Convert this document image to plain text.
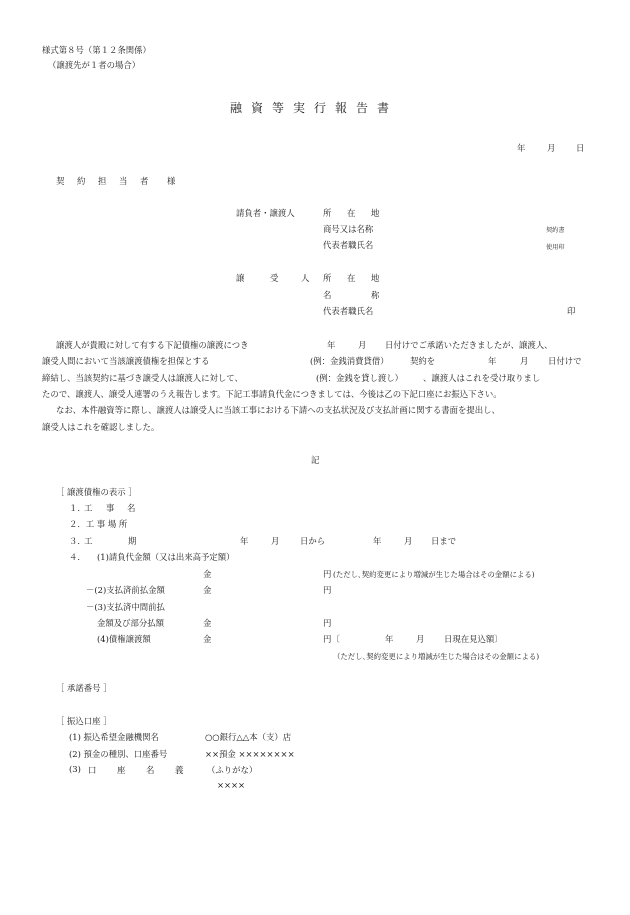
様式第８号（第１２条関係）
（譲渡先が１者の場合）
融 資 等 実 行 報 告 書
年	月 日
契 約 担 当 者 様
請負者・譲渡人	所 在 地
商号又は名称	契約書
代表者職氏名	使用印
譲	受	人 所 在 地
名	称
代表者職氏名	印
譲渡人が貴殿に対して有する下記債権の譲渡につき	年	月 日付けでご承諾いただきましたが、譲渡人、
譲受人間において当該譲渡債権を担保とする	(例：金銭消費貸借）	契約を	年	月 日付けで
締結し、当該契約に基づき譲受人は譲渡人に対して、	(例：金銭を貸し渡し） 、譲渡人はこれを受け取りまし
たので、譲渡人、譲受人連署のうえ報告します。下記工事請負代金につきましては、今後は乙の下記口座にお振込下さい。
なお、本件融資等に際し、譲渡人は譲受人に当該工事における下請への支払状況及び支払計画に関する書面を提出し、
譲受人はこれを確認しました。
記
［ 譲渡債権の表示 ］
１. 工 事 名
２．工 事 場 所
３．
工	期	年	月 日から	年	月 日まで
４． (1)請負代金額（又は出来高予定額）
金	円 (ただし､契約変更により増減が生じた場合はその金額による)
－(2)支払済前払金額	金	円
－(3)支払済中間前払
金額及び部分払額	金	円
(4)債権譲渡額	金	円〔	年	月 日現在見込額〕
（ただし､契約変更により増減が生じた場合はその金額による)
［ 承諾番号 ］
［ 振込口座 ］
(1) 振込希望金融機関名	○○銀行△△本（支）店
(2) 預金の種別、口座番号	××預金 ××××××××
(3) 口 座 名 義	（ふりがな）
××××
